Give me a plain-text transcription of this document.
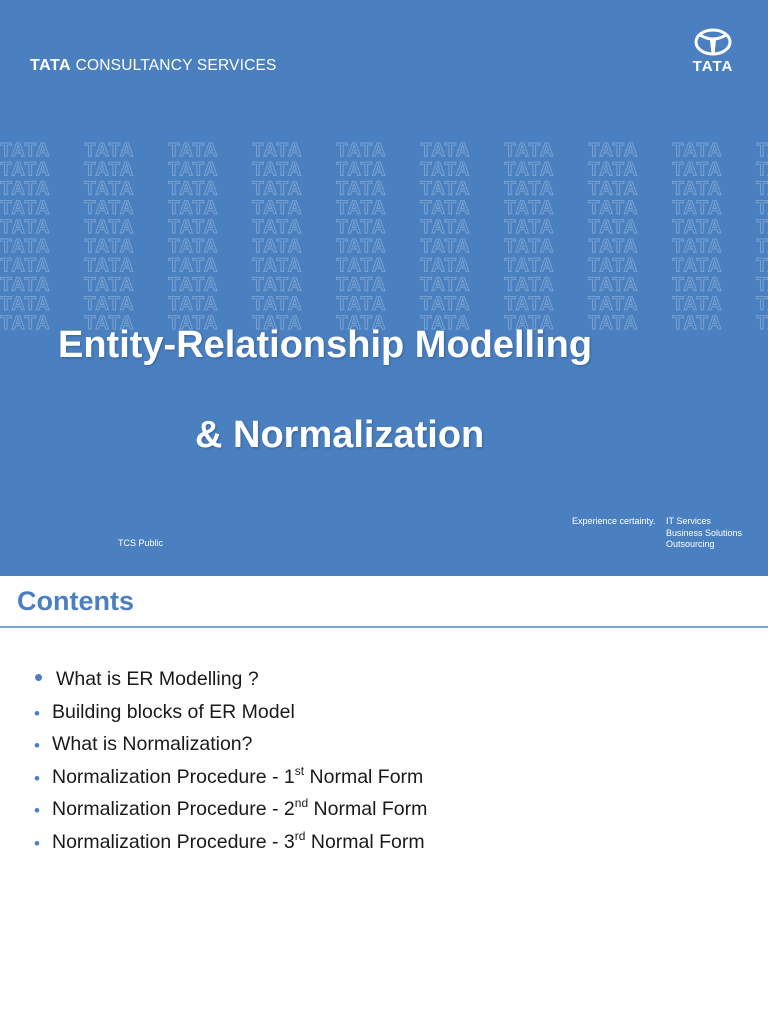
TATA CONSULTANCY SERVICES	TATA
Entity-Relationship Modelling
& Normalization
TCS Public
Experience certainty. IT Services
Business Solutions
Outsourcing
Contents
• What is ER Modelling ?
• Building blocks of ER Model
• What is Normalization?
• Normalization Procedure - 1st Normal Form
• Normalization Procedure - 2nd Normal Form
• Normalization Procedure - 3rd Normal Form
